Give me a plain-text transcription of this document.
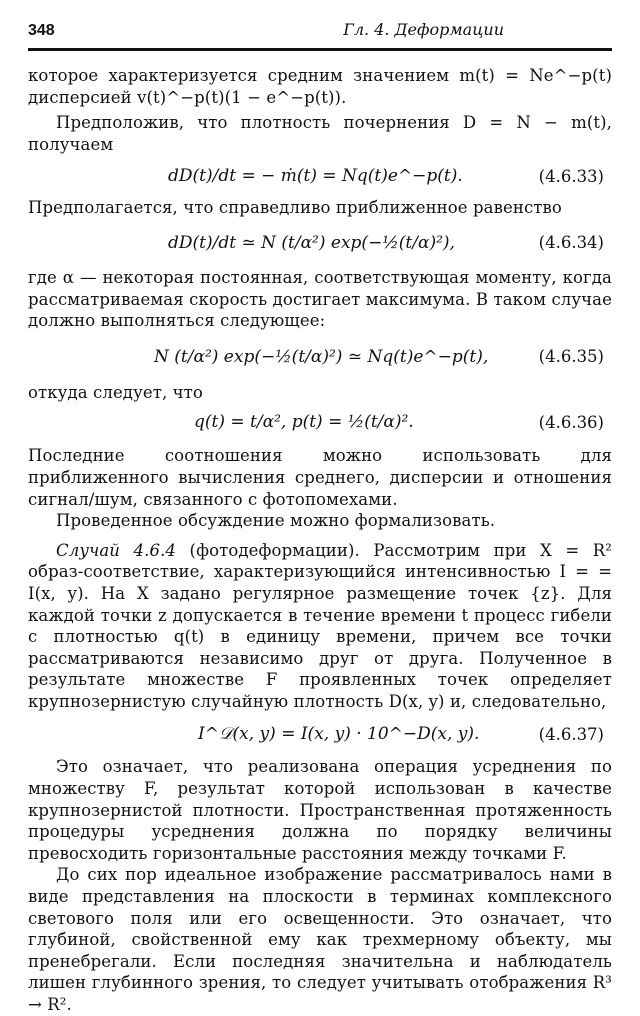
348	Гл. 4. Деформации

которое характеризуется средним значением m(t) = Ne^−p(t) дисперсией v(t)^−p(t)(1 − e^−p(t)).

Предположив, что плотность почернения D = N − m(t), получаем

dD(t)/dt = − ṁ(t) = Nq(t)e^−p(t).	(4.6.33)

Предполагается, что справедливо приближенное равенство

dD(t)/dt ≃ N (t/α²) exp(−½(t/α)²),	(4.6.34)

где α — некоторая постоянная, соответствующая моменту, когда рассматриваемая скорость достигает максимума. В таком случае должно выполняться следующее:

N (t/α²) exp(−½(t/α)²) ≃ Nq(t)e^−p(t),	(4.6.35)

откуда следует, что

q(t) = t/α², p(t) = ½(t/α)².	(4.6.36)

Последние соотношения можно использовать для приближенного вычисления среднего, дисперсии и отношения сигнал/шум, связанного с фотопомехами.

Проведенное обсуждение можно формализовать.

Случай 4.6.4 (фотодеформации). Рассмотрим при X = R² образ-соответствие, характеризующийся интенсивностью I = = I(x, y). На X задано регулярное размещение точек {z}. Для каждой точки z допускается в течение времени t процесс гибели с плотностью q(t) в единицу времени, причем все точки рассматриваются независимо друг от друга. Полученное в результате множестве F проявленных точек определяет крупнозернистую случайную плотность D(x, y) и, следовательно,

I^𝒟(x, y) = I(x, y) · 10^−D(x, y).	(4.6.37)

Это означает, что реализована операция усреднения по множеству F, результат которой использован в качестве крупнозернистой плотности. Пространственная протяженность процедуры усреднения должна по порядку величины превосходить горизонтальные расстояния между точками F.

До сих пор идеальное изображение рассматривалось нами в виде представления на плоскости в терминах комплексного светового поля или его освещенности. Это означает, что глубиной, свойственной ему как трехмерному объекту, мы пренебрегали. Если последняя значительна и наблюдатель лишен глубинного зрения, то следует учитывать отображения R³ → R².
